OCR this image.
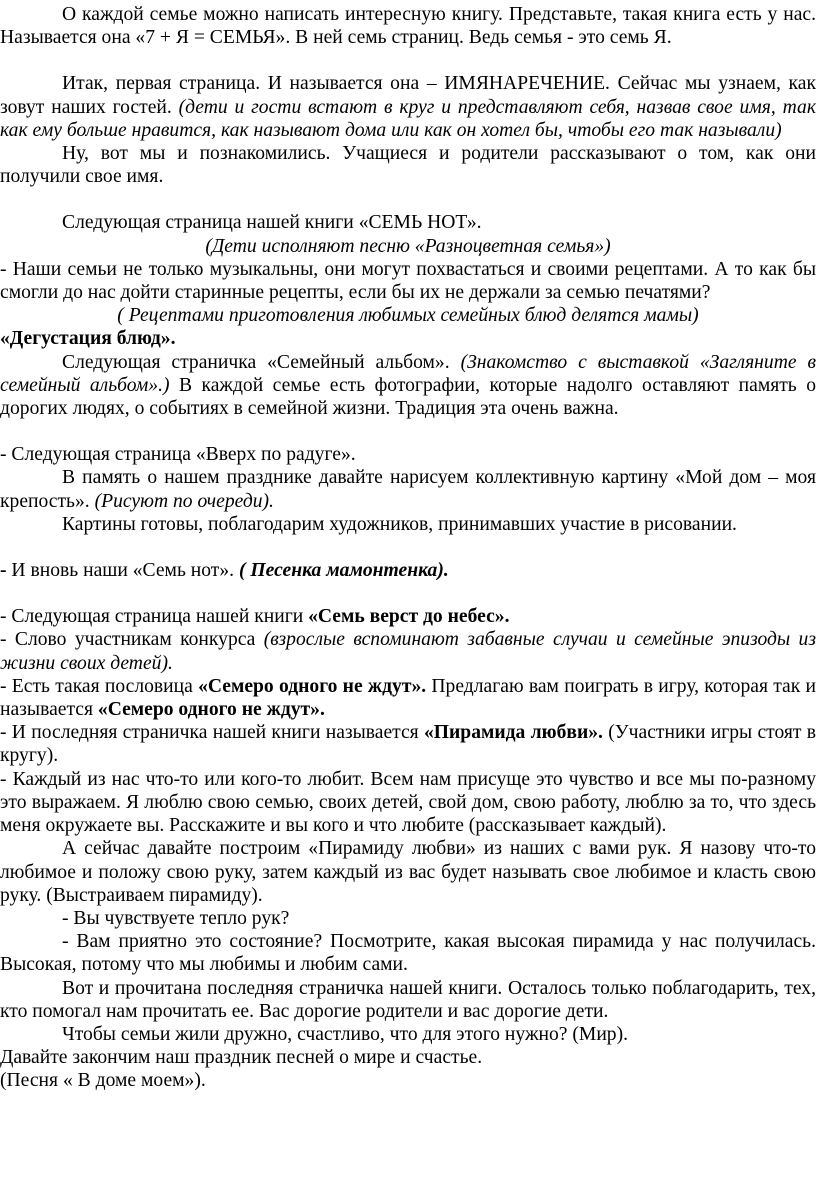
О каждой семье можно написать интересную книгу. Представьте, такая книга есть у нас. Называется она «7 + Я = СЕМЬЯ». В ней семь страниц. Ведь семья - это семь Я.

Итак, первая страница. И называется она – ИМЯНАРЕЧЕНИЕ. Сейчас мы узнаем, как зовут наших гостей. (дети и гости встают в круг и представляют себя, назвав свое имя, так как ему больше нравится, как называют дома или как он хотел бы, чтобы его так называли)

Ну, вот мы и познакомились. Учащиеся и родители рассказывают о том, как они получили свое имя.

Следующая страница нашей книги «СЕМЬ НОТ».

(Дети исполняют песню «Разноцветная семья»)

- Наши семьи не только музыкальны, они могут похвастаться и своими рецептами. А то как бы смогли до нас дойти старинные рецепты, если бы их не держали за семью печатями?

( Рецептами приготовления любимых семейных блюд делятся мамы)

«Дегустация блюд».

Следующая страничка «Семейный альбом». (Знакомство с выставкой «Загляните в семейный альбом».) В каждой семье есть фотографии, которые надолго оставляют память о дорогих людях, о событиях в семейной жизни. Традиция эта очень важна.

- Следующая страница «Вверх по радуге».

В память о нашем празднике давайте нарисуем коллективную картину «Мой дом – моя крепость». (Рисуют по очереди).

Картины готовы, поблагодарим художников, принимавших участие в рисовании.

- И вновь наши «Семь нот». ( Песенка мамонтенка).

- Следующая страница нашей книги «Семь верст до небес».

- Слово участникам конкурса (взрослые вспоминают забавные случаи и семейные эпизоды из жизни своих детей).

- Есть такая пословица «Семеро одного не ждут». Предлагаю вам поиграть в игру, которая так и называется «Семеро одного не ждут».

- И последняя страничка нашей книги называется «Пирамида любви». (Участники игры стоят в кругу).

- Каждый из нас что-то или кого-то любит. Всем нам присуще это чувство и все мы по-разному это выражаем. Я люблю свою семью, своих детей, свой дом, свою работу, люблю за то, что здесь меня окружаете вы. Расскажите и вы кого и что любите (рассказывает каждый).

А сейчас давайте построим «Пирамиду любви» из наших с вами рук. Я назову что-то любимое и положу свою руку, затем каждый из вас будет называть свое любимое и класть свою руку. (Выстраиваем пирамиду).

- Вы чувствуете тепло рук?

- Вам приятно это состояние? Посмотрите, какая высокая пирамида у нас получилась. Высокая, потому что мы любимы и любим сами.

Вот и прочитана последняя страничка нашей книги. Осталось только поблагодарить, тех, кто помогал нам прочитать ее. Вас дорогие родители и вас дорогие дети.

Чтобы семьи жили дружно, счастливо, что для этого нужно? (Мир).

Давайте закончим наш праздник песней о мире и счастье.

(Песня « В доме моем»).
